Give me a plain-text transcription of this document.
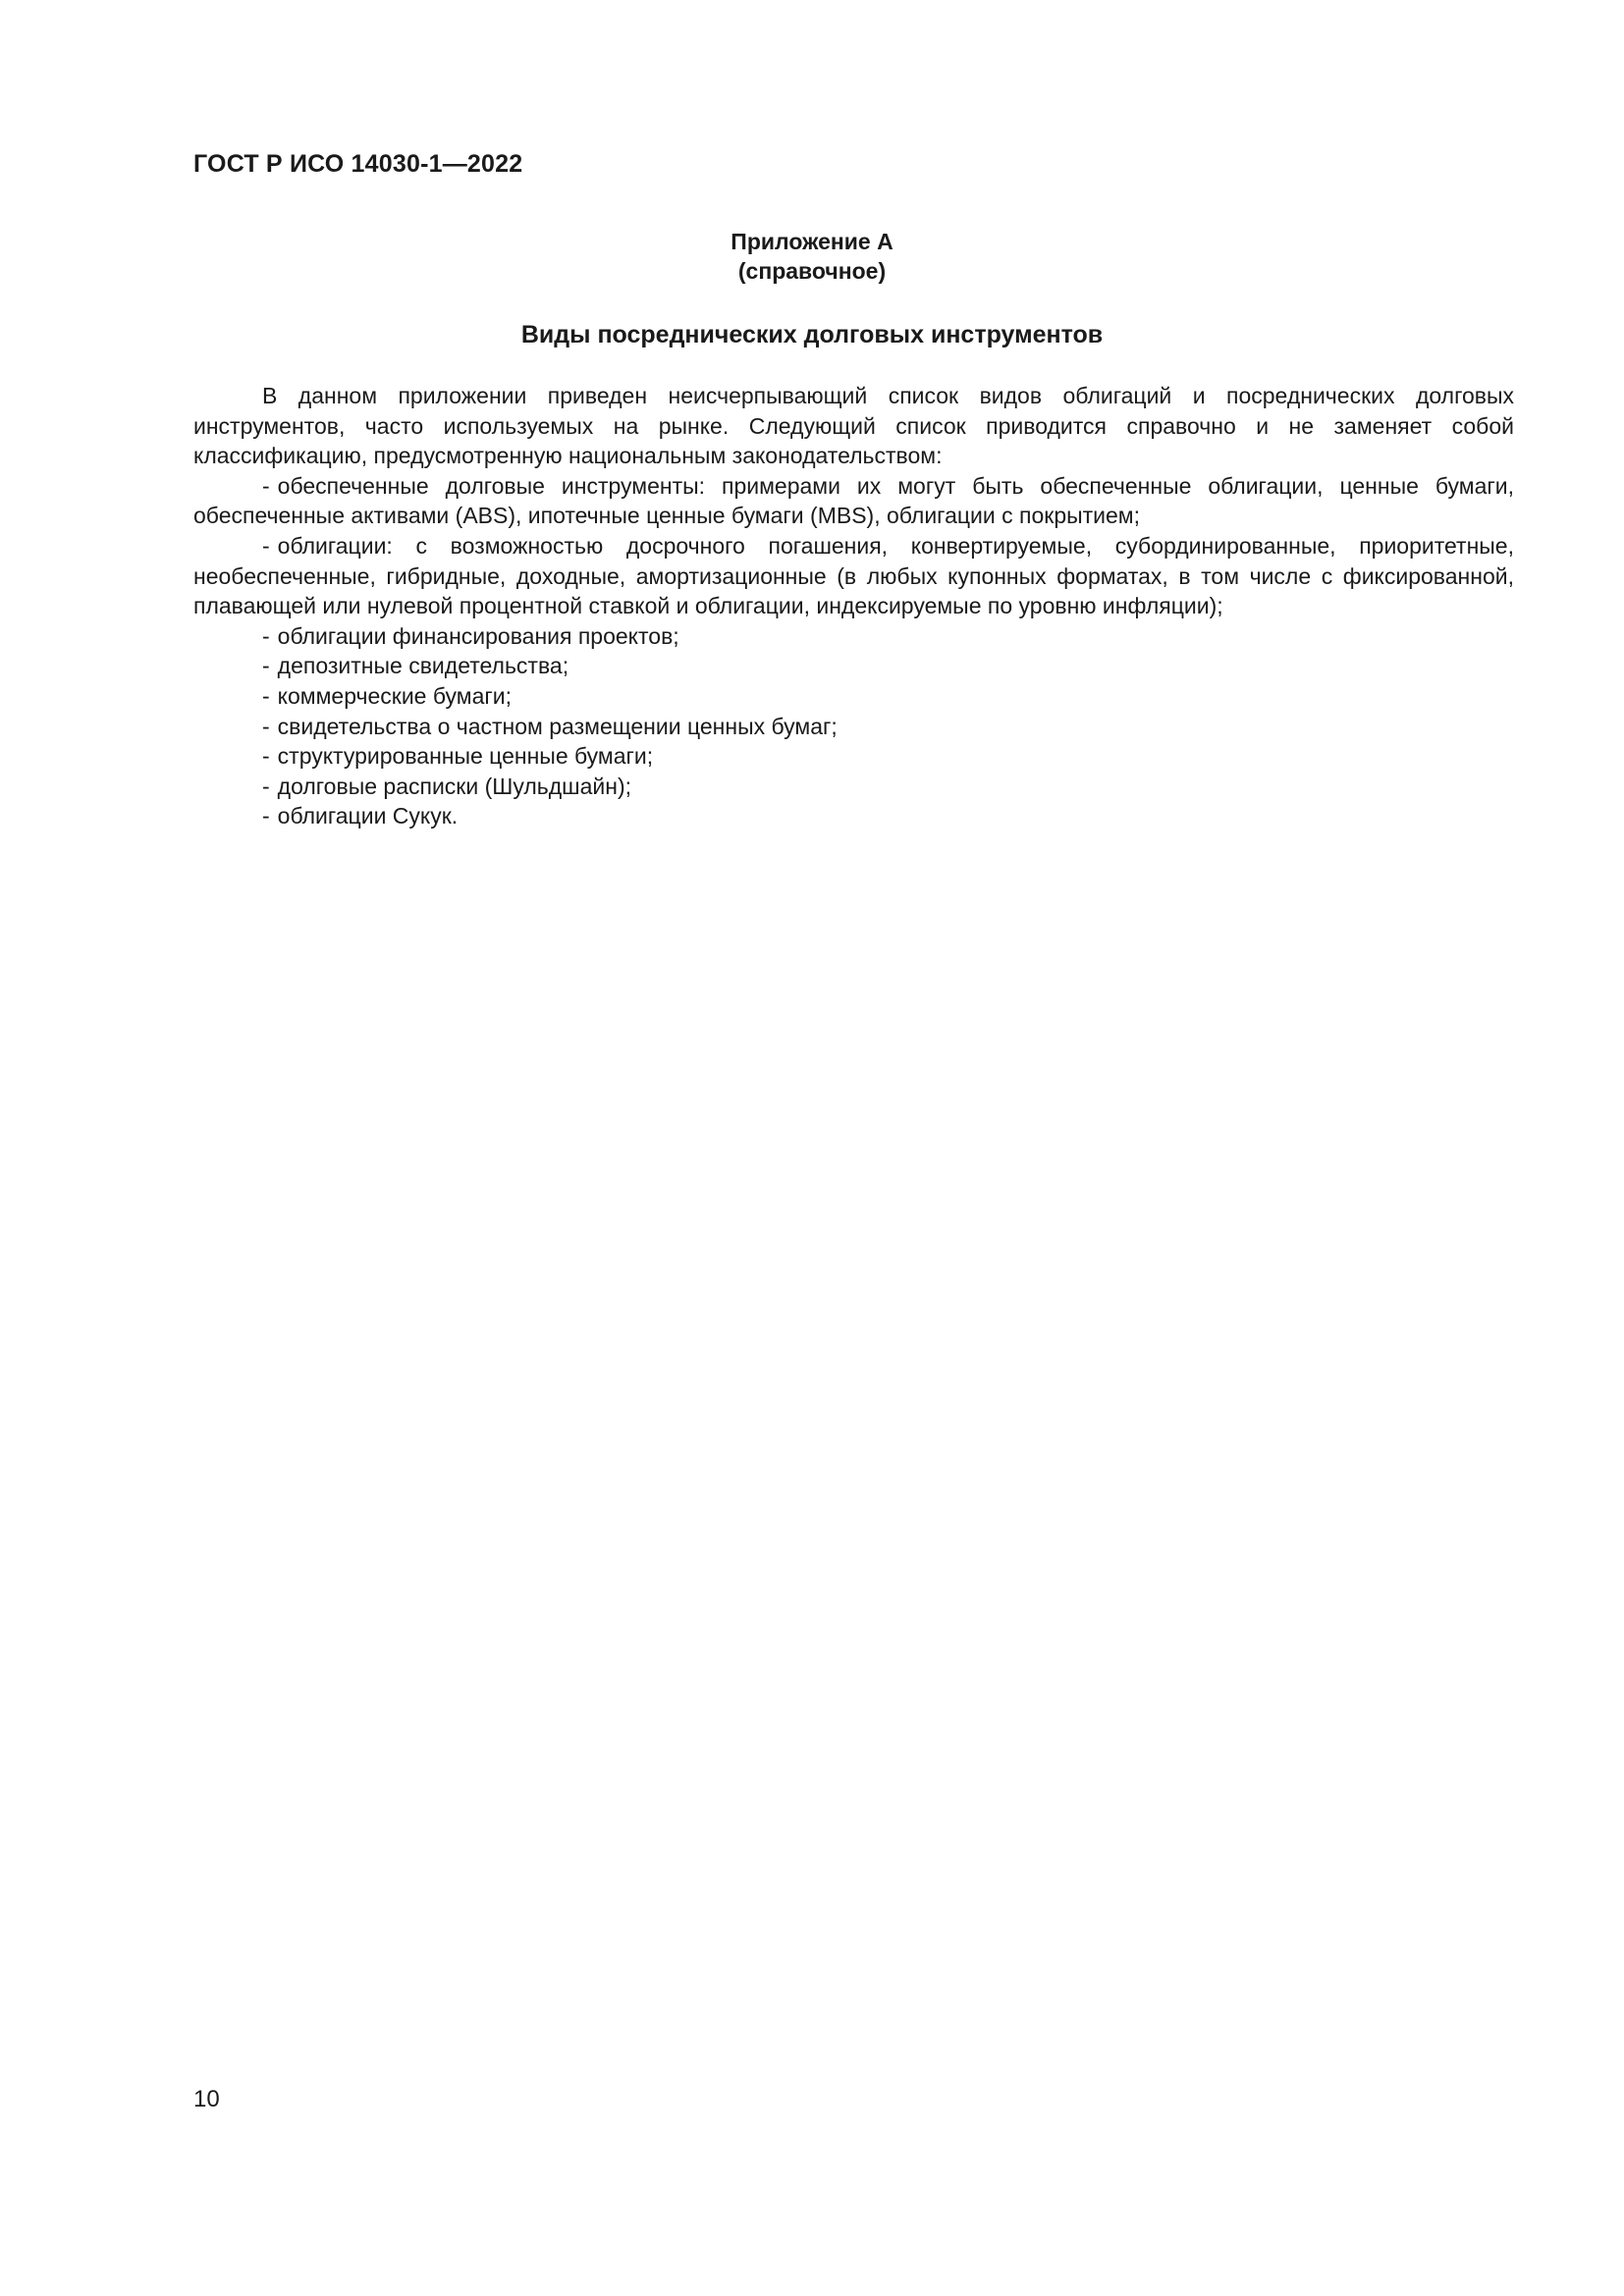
ГОСТ Р ИСО 14030-1—2022

Приложение А
(справочное)
Виды посреднических долговых инструментов

В данном приложении приведен неисчерпывающий список видов облигаций и посреднических долговых инструментов, часто используемых на рынке. Следующий список приводится справочно и не заменяет собой классификацию, предусмотренную национальным законодательством:

- обеспеченные долговые инструменты: примерами их могут быть обеспеченные облигации, ценные бумаги, обеспеченные активами (ABS), ипотечные ценные бумаги (MBS), облигации с покрытием;
- облигации: с возможностью досрочного погашения, конвертируемые, субординированные, приоритетные, необеспеченные, гибридные, доходные, амортизационные (в любых купонных форматах, в том числе с фиксированной, плавающей или нулевой процентной ставкой и облигации, индексируемые по уровню инфляции);
- облигации финансирования проектов;
- депозитные свидетельства;
- коммерческие бумаги;
- свидетельства о частном размещении ценных бумаг;
- структурированные ценные бумаги;
- долговые расписки (Шульдшайн);
- облигации Сукук.

10
